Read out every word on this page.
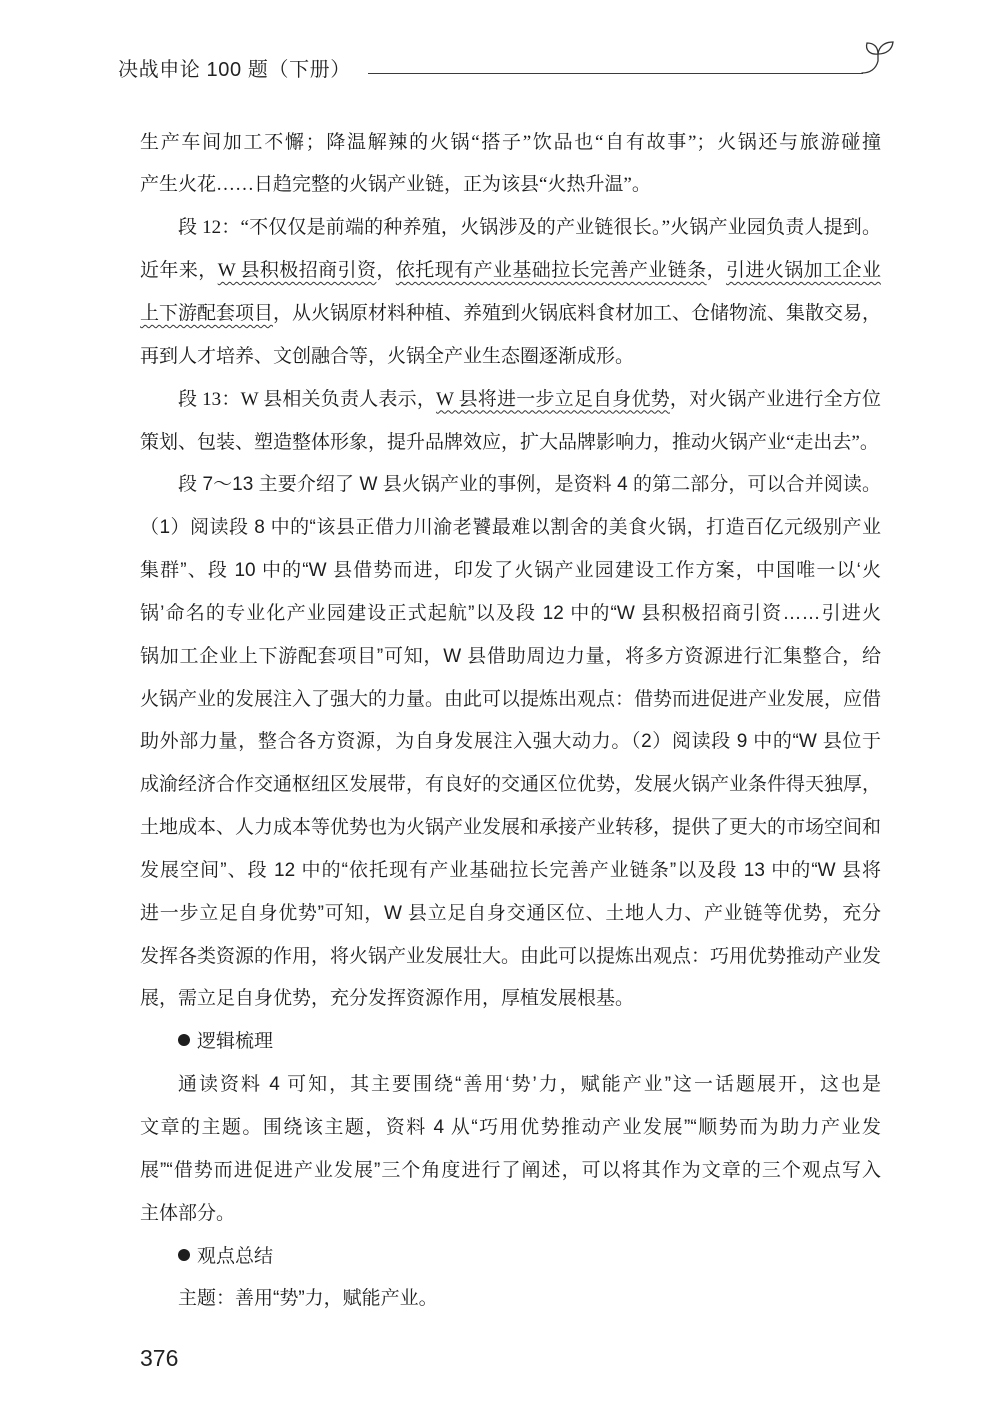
决战申论 100 题（下册）
生产车间加工不懈；降温解辣的火锅“搭子”饮品也“自有故事”；火锅还与旅游碰撞
产生火花……日趋完整的火锅产业链，正为该县“火热升温”。
段 12：“不仅仅是前端的种养殖，火锅涉及的产业链很长。”火锅产业园负责人提到。
近年来，W 县积极招商引资，依托现有产业基础拉长完善产业链条，引进火锅加工企业
上下游配套项目，从火锅原材料种植、养殖到火锅底料食材加工、仓储物流、集散交易，
再到人才培养、文创融合等，火锅全产业生态圈逐渐成形。
段 13：W 县相关负责人表示，W 县将进一步立足自身优势，对火锅产业进行全方位
策划、包装、塑造整体形象，提升品牌效应，扩大品牌影响力，推动火锅产业“走出去”。
段 7～13 主要介绍了 W 县火锅产业的事例，是资料 4 的第二部分，可以合并阅读。
（1）阅读段 8 中的“该县正借力川渝老饕最难以割舍的美食火锅，打造百亿元级别产业
集群”、段 10 中的“W 县借势而进，印发了火锅产业园建设工作方案，中国唯一以‘火
锅’命名的专业化产业园建设正式起航”以及段 12 中的“W 县积极招商引资……引进火
锅加工企业上下游配套项目”可知，W 县借助周边力量，将多方资源进行汇集整合，给
火锅产业的发展注入了强大的力量。由此可以提炼出观点：借势而进促进产业发展，应借
助外部力量，整合各方资源，为自身发展注入强大动力。（2）阅读段 9 中的“W 县位于
成渝经济合作交通枢纽区发展带，有良好的交通区位优势，发展火锅产业条件得天独厚，
土地成本、人力成本等优势也为火锅产业发展和承接产业转移，提供了更大的市场空间和
发展空间”、段 12 中的“依托现有产业基础拉长完善产业链条”以及段 13 中的“W 县将
进一步立足自身优势”可知，W 县立足自身交通区位、土地人力、产业链等优势，充分
发挥各类资源的作用，将火锅产业发展壮大。由此可以提炼出观点：巧用优势推动产业发
展，需立足自身优势，充分发挥资源作用，厚植发展根基。
逻辑梳理
通读资料 4 可知，其主要围绕“善用‘势’力，赋能产业”这一话题展开，这也是
文章的主题。围绕该主题，资料 4 从“巧用优势推动产业发展”“顺势而为助力产业发
展”“借势而进促进产业发展”三个角度进行了阐述，可以将其作为文章的三个观点写入
主体部分。
观点总结
主题：善用“势”力，赋能产业。
376
